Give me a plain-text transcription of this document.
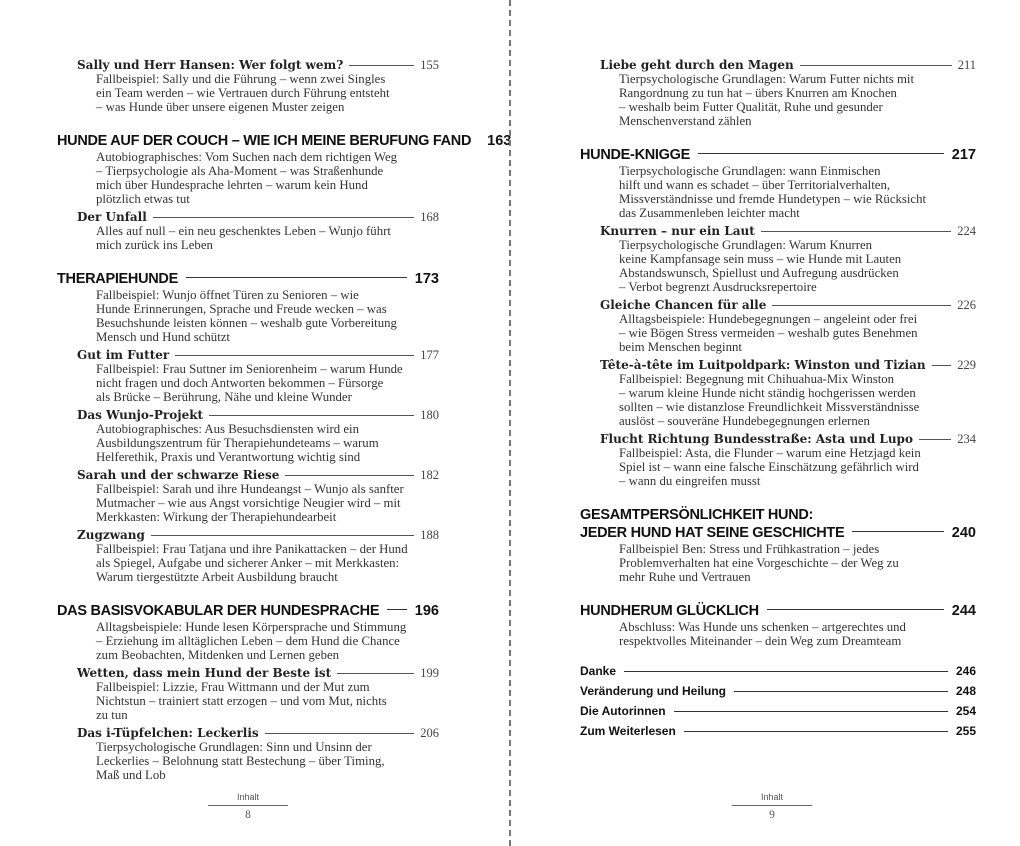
Sally und Herr Hansen: Wer folgt wem?	155
Fallbeispiel: Sally und die Führung – wenn zwei Singles
ein Team werden – wie Vertrauen durch Führung entsteht
– was Hunde über unsere eigenen Muster zeigen
HUNDE AUF DER COUCH – WIE ICH MEINE BERUFUNG FAND 163
Autobiographisches: Vom Suchen nach dem richtigen Weg
– Tierpsychologie als Aha-Moment – was Straßenhunde
mich über Hundesprache lehrten – warum kein Hund
plötzlich etwas tut
Der Unfall	168
Alles auf null – ein neu geschenktes Leben – Wunjo führt
mich zurück ins Leben
THERAPIEHUNDE	173
Fallbeispiel: Wunjo öffnet Türen zu Senioren – wie
Hunde Erinnerungen, Sprache und Freude wecken – was
Besuchshunde leisten können – weshalb gute Vorbereitung
Mensch und Hund schützt
Gut im Futter	177
Fallbeispiel: Frau Suttner im Seniorenheim – warum Hunde
nicht fragen und doch Antworten bekommen – Fürsorge
als Brücke – Berührung, Nähe und kleine Wunder
Das Wunjo-Projekt	180
Autobiographisches: Aus Besuchsdiensten wird ein
Ausbildungszentrum für Therapiehundeteams – warum
Helferethik, Praxis und Verantwortung wichtig sind
Sarah und der schwarze Riese	182
Fallbeispiel: Sarah und ihre Hundeangst – Wunjo als sanfter
Mutmacher – wie aus Angst vorsichtige Neugier wird – mit
Merkkasten: Wirkung der Therapiehundearbeit
Zugzwang	188
Fallbeispiel: Frau Tatjana und ihre Panikattacken – der Hund
als Spiegel, Aufgabe und sicherer Anker – mit Merkkasten:
Warum tiergestützte Arbeit Ausbildung braucht
DAS BASISVOKABULAR DER HUNDESPRACHE 196
Alltagsbeispiele: Hunde lesen Körpersprache und Stimmung
– Erziehung im alltäglichen Leben – dem Hund die Chance
zum Beobachten, Mitdenken und Lernen geben
Wetten, dass mein Hund der Beste ist	199
Fallbeispiel: Lizzie, Frau Wittmann und der Mut zum
Nichtstun – trainiert statt erzogen – und vom Mut, nichts
zu tun
Das i-Tüpfelchen: Leckerlis	206
Tierpsychologische Grundlagen: Sinn und Unsinn der
Leckerlies – Belohnung statt Bestechung – über Timing,
Maß und Lob
Inhalt
8
Liebe geht durch den Magen	211
Tierpsychologische Grundlagen: Warum Futter nichts mit
Rangordnung zu tun hat – übers Knurren am Knochen
– weshalb beim Futter Qualität, Ruhe und gesunder
Menschenverstand zählen
HUNDE-KNIGGE	217
Tierpsychologische Grundlagen: wann Einmischen
hilft und wann es schadet – über Territorialverhalten,
Missverständnisse und fremde Hundetypen – wie Rücksicht
das Zusammenleben leichter macht
Knurren – nur ein Laut	224
Tierpsychologische Grundlagen: Warum Knurren
keine Kampfansage sein muss – wie Hunde mit Lauten
Abstandswunsch, Spiellust und Aufregung ausdrücken
– Verbot begrenzt Ausdrucksrepertoire
Gleiche Chancen für alle	226
Alltagsbeispiele: Hundebegegnungen – angeleint oder frei
– wie Bögen Stress vermeiden – weshalb gutes Benehmen
beim Menschen beginnt
Tête-à-tête im Luitpoldpark: Winston und Tizian	229
Fallbeispiel: Begegnung mit Chihuahua-Mix Winston
– warum kleine Hunde nicht ständig hochgerissen werden
sollten – wie distanzlose Freundlichkeit Missverständnisse
auslöst – souveräne Hundebegegnungen erlernen
Flucht Richtung Bundesstraße: Asta und Lupo	234
Fallbeispiel: Asta, die Flunder – warum eine Hetzjagd kein
Spiel ist – wann eine falsche Einschätzung gefährlich wird
– wann du eingreifen musst
GESAMTPERSÖNLICHKEIT HUND:
JEDER HUND HAT SEINE GESCHICHTE	240
Fallbeispiel Ben: Stress und Frühkastration – jedes
Problemverhalten hat eine Vorgeschichte – der Weg zu
mehr Ruhe und Vertrauen
HUNDHERUM GLÜCKLICH	244
Abschluss: Was Hunde uns schenken – artgerechtes und
respektvolles Miteinander – dein Weg zum Dreamteam
Danke	246
Veränderung und Heilung	248
Die Autorinnen	254
Zum Weiterlesen	255
Inhalt
9
